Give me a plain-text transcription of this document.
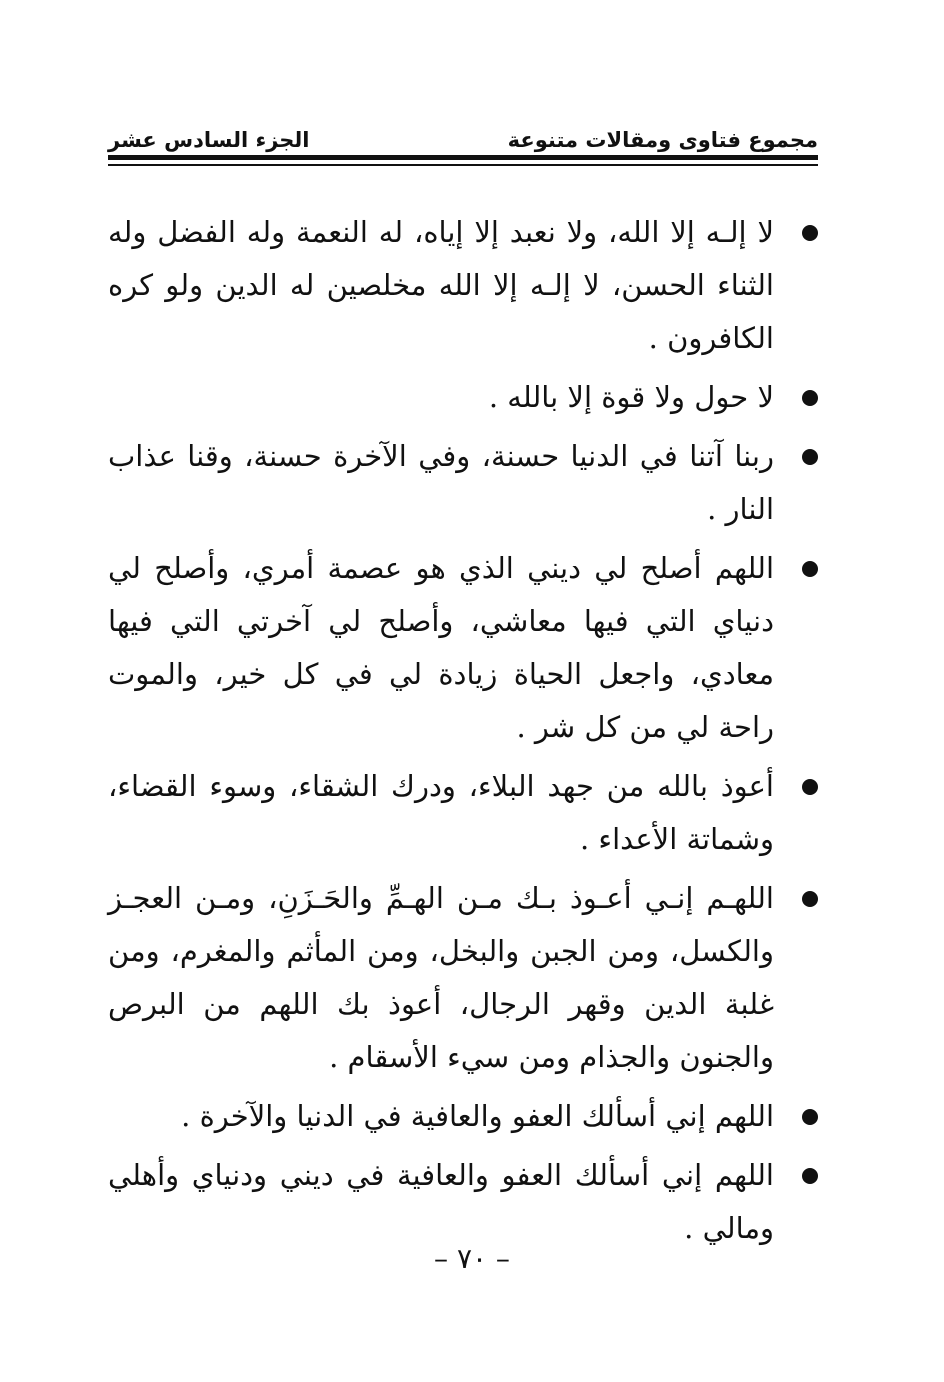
مجموع فتاوى ومقالات متنوعة
الجزء السادس عشر
لا إلـه إلا الله، ولا نعبد إلا إياه، له النعمة وله الفضل وله الثناء الحسن، لا إلـه إلا الله مخلصين له الدين ولو كره الكافرون .
لا حول ولا قوة إلا بالله .
ربنا آتنا في الدنيا حسنة، وفي الآخرة حسنة، وقنا عذاب النار .
اللهم أصلح لي ديني الذي هو عصمة أمري، وأصلح لي دنياي التي فيها معاشي، وأصلح لي آخرتي التي فيها معادي، واجعل الحياة زيادة لي في كل خير، والموت راحة لي من كل شر .
أعوذ بالله من جهد البلاء، ودرك الشقاء، وسوء القضاء، وشماتة الأعداء .
اللهـم إنـي أعـوذ بـك مـن الهـمِّ والحَـزَنِ، ومـن العجـز والكسل، ومن الجبن والبخل، ومن المأثم والمغرم، ومن غلبة الدين وقهر الرجال، أعوذ بك اللهم من البرص والجنون والجذام ومن سيء الأسقام .
اللهم إني أسألك العفو والعافية في الدنيا والآخرة .
اللهم إني أسألك العفو والعافية في ديني ودنياي وأهلي ومالي .
– ٧٠ –
